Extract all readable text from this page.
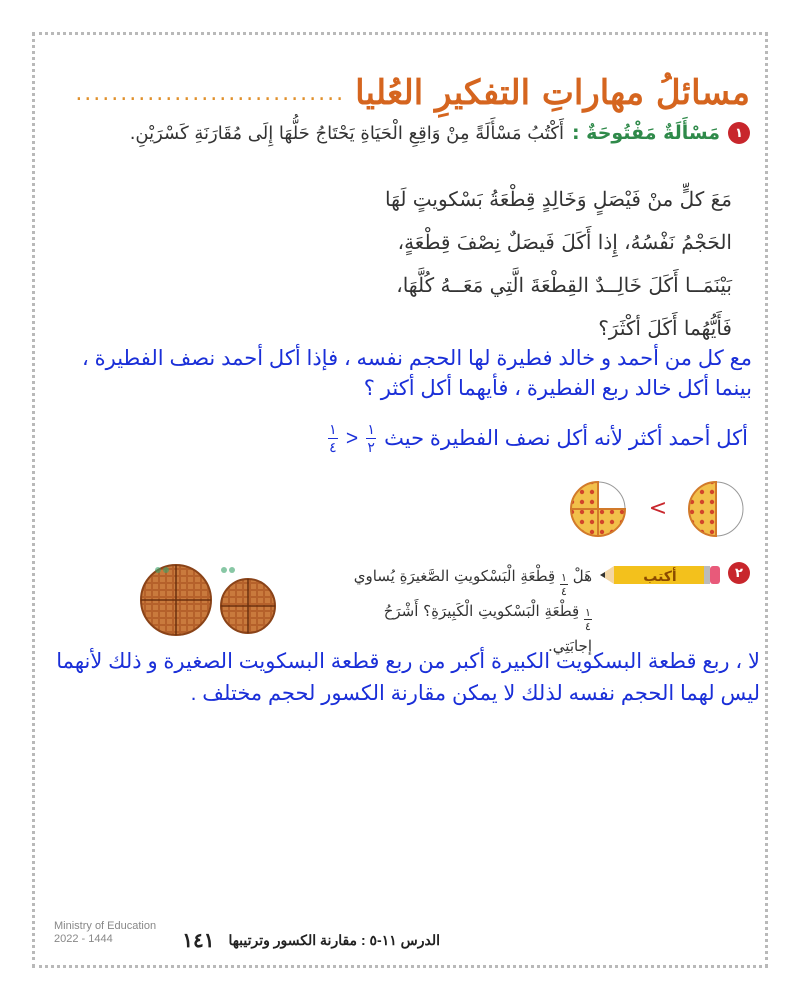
مسائلُ مهاراتِ التفكيرِ العُليا
..............................
١
مَسْأَلَةٌ مَفْتُوحَةٌ :
أَكْتُبُ مَسْأَلَةً مِنْ وَاقِعِ الْحَيَاةِ يَحْتَاجُ حَلُّهَا إِلَى مُقَارَنَةِ كَسْرَيْنِ.
مَعَ كلٍّ منْ فَيْصَلٍ وَخَالِدٍ قِطْعَةُ بَسْكويتٍ لَهَا
الحَجْمُ نَفْسُهُ، إِذا أَكَلَ فَيصَلٌ نِصْفَ قِطْعَةٍ،
بَيْنَمَــا أَكَلَ خَالِــدٌ القِطْعَةَ الَّتِي مَعَــهُ كُلَّهَا،
فَأَيُّهُما أَكَلَ أكْثَرَ؟
مع كل من أحمد و خالد فطيرة لها الحجم نفسه ، فإذا أكل أحمد نصف الفطيرة ، بينما أكل خالد ربع الفطيرة ، فأيهما أكل أكثر ؟
أكل أحمد أكثر لأنه أكل نصف الفطيرة حيث
$\frac{١}{٢}$
<
$\frac{١}{٤}$
<
٢
أكتب
هَلْ
$\frac{١}{٤}$
قِطْعَةِ الْبَسْكويتِ الصَّغيرَةِ يُساوي
$\frac{١}{٤}$
قِطْعَةِ الْبَسْكويتِ الْكَبِيرَةِ؟ أَشْرَحُ إجابَتِي.
لا ، ربع قطعة البسكويت الكبيرة أكبر من ربع قطعة البسكويت الصغيرة و ذلك لأنهما ليس لهما الحجم نفسه لذلك لا يمكن مقارنة الكسور لحجم مختلف .
Ministry of Education
2022 - 1444	الدرس ١١-٥ : مقارنة الكسور وترتيبها
١٤١
